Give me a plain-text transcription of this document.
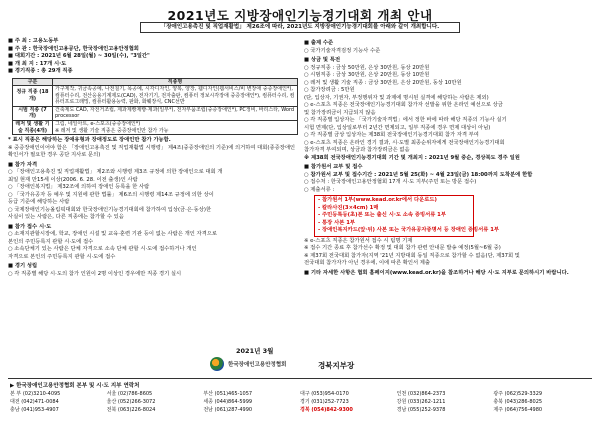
2021년도 지방장애인기능경기대회 개최 안내
「장애인고용촉진 및 직업재활법」 제26조에 따라, 2021년도 지방장애인기능경기대회를 아래와 같이 개최합니다.
■ 주 최 : 고용노동부
■ 주 관 : 한국장애인고용공단, 한국장애인고용안정협회
■ 대회기간 : 2021년 6월 28일(월) ~ 30일(수), "3일간"
■ 개 최 지 : 17개 시·도
■ 경기직종 : 총 29개 직종
구분	직종명
정규 직종 (18개)	가구제작, 귀금속공예, 나전칠기, 목공예, 시각디자인, 양복, 양장, 웹디자인(웹서비스/비 변장애 중증장애인*), 컴퓨터수리, 전산응용기계제도(CAD), 전자기기, 전자출판, 컴퓨터 정보시각장애 중증장애인*), 컴퓨터수리, 컴퓨터프로그래밍, 컴퓨터활용능력, 판화, 화훼장식, CNC선반
시범 직종 (7개)	건축제도 CAD, 자전거조립, 제과제빵제빵·제과(일부*), 전자부품조립(중증장애인*), PC정비, 바리스타, Word processor
레저 및 생활 기술 직종(4개)	그림, 네일아트, e-스포츠(중증장애인*)
※ 레저 및 생활 기술 직종은 중증장애인만 참가 가능
* 표시 직종은 해당하는 장애유형과 장애정도로 장애인만 참가 가능함.
※ 중증장애인이어야 함은 「장애인고용촉진 및 직업재활법 시행령」 제4조(중증장애인의 기준)에 의거하여 대회(종증장애인 확인서가 필요한 경우 공단 지사로 문의)
■ 참가 자격
○ 「장애인고용촉진 및 직업재활법」 제2조와 시행령 제3조 규정에 의한 장애인으로 대회 개
최일 현재 만15세 이상(2006. 6. 28. 이전 출생)인 사람
○ 「장애인복지법」 제32조에 의하여 장애인 등록을 한 사람
○ 「국가유공자 등 예우 및 지원에 관한 법률」 제6조의 시행령 제14조 규정에 의한 상이
등급 기준에 해당하는 사람
○ 국제장애인기능올림픽대회와 한국장애인기능경기대회에 참가하여 입상(금·은·동상)한
사실이 있는 사람은, 다른 직종에는 참가할 수 있음
■ 참가 접수 시·도
○ 소재지관할시장에, 학교, 장애인 시설 및 교육·훈련 기관 등이 없는 사람은 개인 자격으로
본인의 주민등록지 관할 시·도에 접수
○ 소속단체기 있는 사람은 단체 자격으로 소속 단체 관할 시·도에 접수하거나 개인
자격으로 본인의 주민등록지 관할 시·도에 접수
■ 경기 성립
○ 각 직종별 해당 시·도의 참가 인원이 2명 이상인 경우에만 직종 경기 실시
■ 출제 수준
○ 국가기술자격검정 기능사 수준
■ 상금 및 특전
○ 정규직종 : 금상 50만원, 은상 30만원, 동상 20만원
○ 시범직종 : 금상 30만원, 은상 20만원, 동상 10만원
○ 레저 및 생활 기술 직종 : 금상 30만원, 은상 20만원, 동상 10만원
○ 참가장려금 : 5만원
(단, 입상자, 기권자, 부정행위자 및 과제에 명시된 실격에 해당하는 사람은 제외)
○ e-스포츠 직종은 전국장애인기능경기대회 참가자 선발을 위한 온라인 예선으로 상금
및 참가장려금이 지급되지 않음
○ 각 직종별 입상자는 「국가기술자격법」에서 정한 바에 따라 해당 직종의 기능사 실기
시험 면제(단, 입상일로부터 2년간 면제되고, 일부 직종에 경우 면제 대상이 아님)
○ 각 직종별 금상 입상자는 제38회 전국장애인기능경기대회 참가 자격 부여
○ e-스포츠 직종은 온라인 경기 결과, 시·도별 최종순위자에게 전국장애인기능경기대회
참가자격 부여되며, 상금과 참가장려금은 없음
※ 제38회 전국장애인기능경기대회 기간 및 개최지 : 2021년 9월 중순, 경상북도 경주 일원
■ 참가원서 교부 및 접수
○ 참가원서 교부 및 접수기간 : 2021년 5월 25(화) ~ 4월 23일(금) 18:00까지 도착분에 한함
○ 접수처 : 한국장애인고용안정협회 17개 시·도 지부(주민 또는 방문 접수)
○ 제출서류 :
- 참가원서 1부(www.kead.or.kr에서 다운로드)
- 칼라사진(3×4cm) 1매
- 주민등록등(초)본 또는 출신 시·도 소속 증빙서류 1부
- 통장 사본 1부
- 장애인복지카드(앞·뒤) 사본 또는 국가유공자증명서 등 장애인 증빙서류 1부
※ e-스포츠 직종은 참가원서 접수 시 팀명 기재
※ 접수 기간 종료 후 참가선수 확정 및 대회 참가 관련 안내문 발송 예정(5월~6월 중)
※ 제37회 전국대회 참가자(지역 '21년 지방대회 동일 직종으로 참가할 수 없음(단, 제37회 및
전국대회 참가자가 아닌 경우에, 이에 따른 확인서 제출
■ 기타 자세한 사항은 협회 홈페이지(www.kead.or.kr)을 참조하거나 해당 시·도 지부로 문의하시기 바랍니다.
2021년 3월
한국장애인고용안정협회	경북지부장
▶ 한국장애인고용안정협회 본부 및 시·도 지부 연락처
본 부 (02)3210-4095	서울 (02)786-8605	부산 (051)465-1057	대구 (053)954-0170	인천 (032)864-2373	광주 (062)529-3329
대전 (042)471-0084	울산 (052)266-3072	세종 (044)864-5999	경기 (031)252-7723	강원 (033)262-1211	충북 (043)286-8025
충남 (041)953-4907	전북 (063)226-8024	전남 (061)287-4990	경북 (054)842-9300	경남 (055)252-9378	제주 (064)756-4980
